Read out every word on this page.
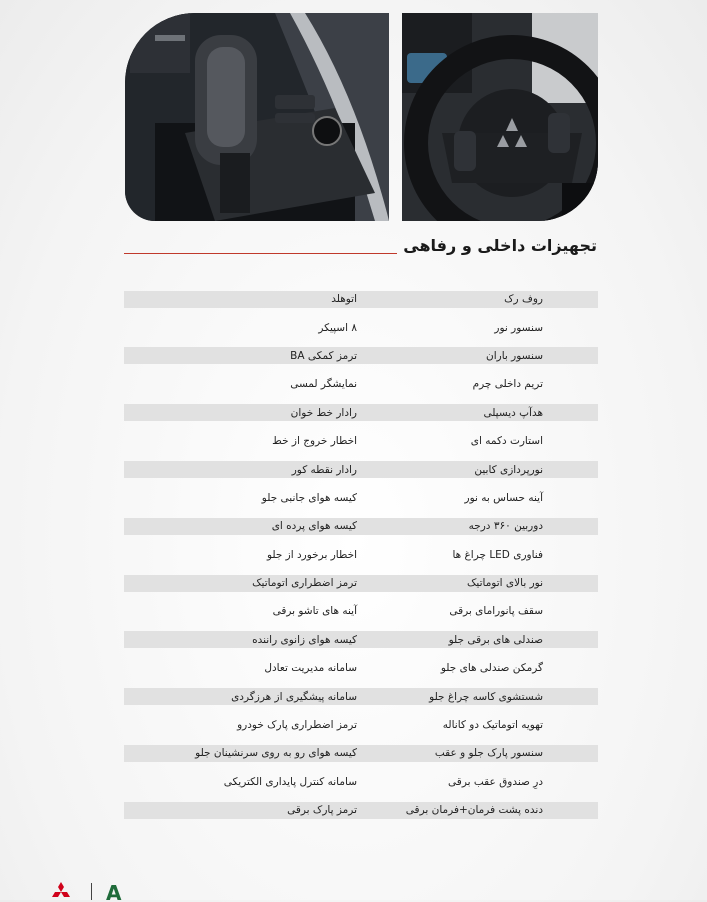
تجهیزات داخلی و رفاهی
اتوهلد	روف رک
۸ اسپیکر	سنسور نور
ترمز کمکی BA	سنسور باران
نمایشگر لمسی	تریم داخلی چرم
رادار خط خوان	هدآپ دیسپلی
اخطار خروج از خط	استارت دکمه ای
رادار نقطه کور	نورپردازی کابین
کیسه هوای جانبی جلو	آینه حساس به نور
کیسه هوای پرده ای	دوربین ۳۶۰ درجه
اخطار برخورد از جلو	فناوری LED چراغ ها
ترمز اضطراری اتوماتیک	نور بالای اتوماتیک
آینه های تاشو برقی	سقف پانورامای برقی
کیسه هوای زانوی راننده	صندلی های برقی جلو
سامانه مدیریت تعادل	گرمکن صندلی های جلو
سامانه پیشگیری از هرزگردی	شستشوی کاسه چراغ جلو
ترمز اضطراری پارک خودرو	تهویه اتوماتیک دو کاناله
کیسه هوای رو به روی سرنشینان جلو	سنسور پارک جلو و عقب
سامانه کنترل پایداری الکتریکی	درِ صندوق عقب برقی
ترمز پارک برقی	دنده پشت فرمان+فرمان برقی
A
